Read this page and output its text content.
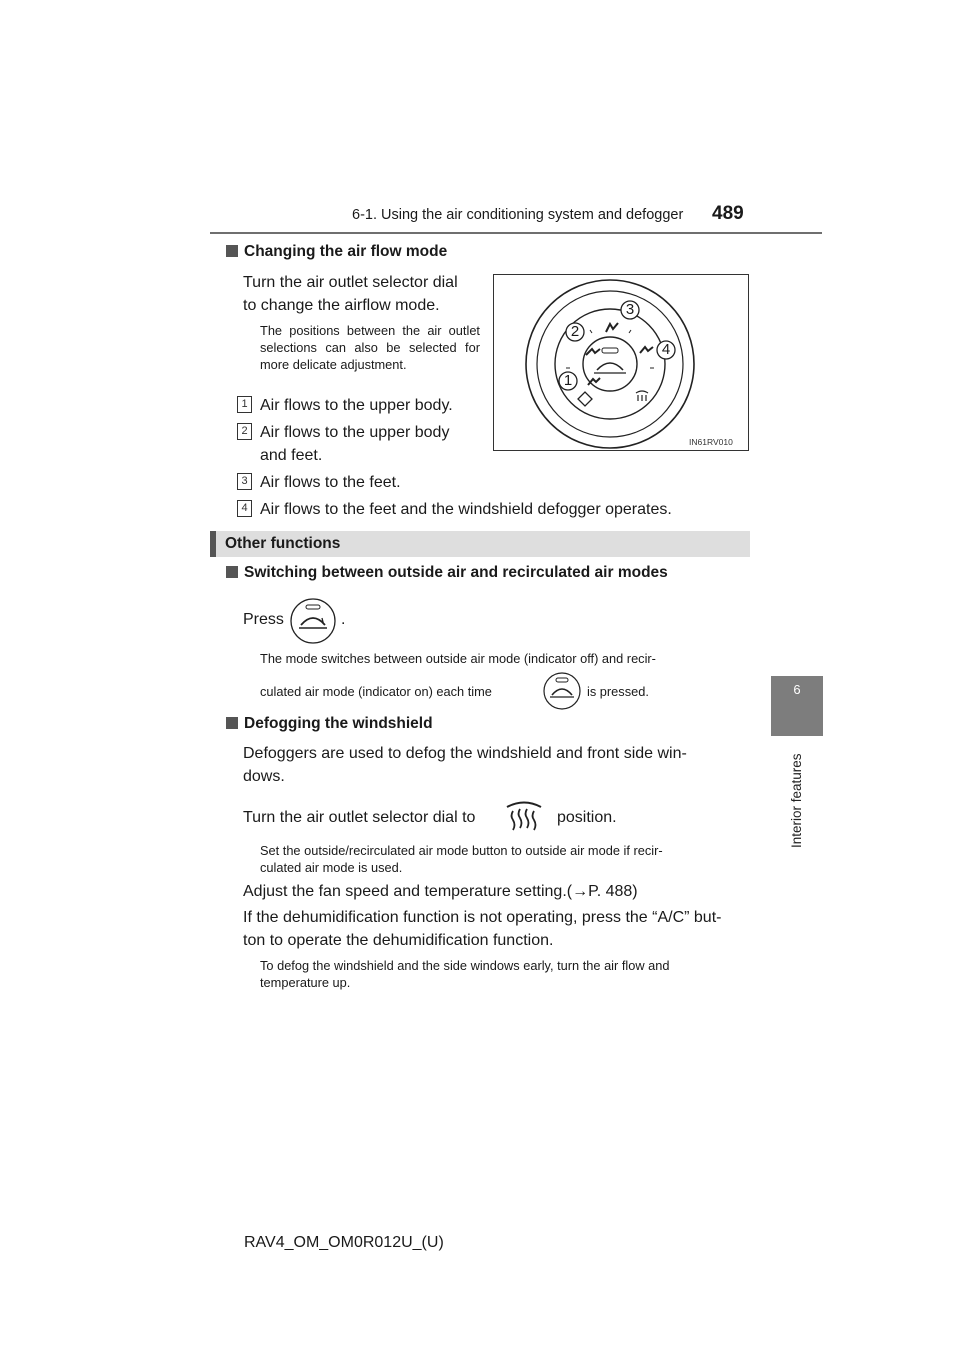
6-1. Using the air conditioning system and defogger 489
6
Interior features
Changing the air flow mode
Turn the air outlet selector dial
to change the airflow mode.
The positions between the air outlet selections can also be selected for more delicate adjustment.
1 Air flows to the upper body.
2 Air flows to the upper body
and feet.
3 Air flows to the feet.
4 Air flows to the feet and the windshield defogger operates.
1
2
3
4
IN61RV010
Other functions
Switching between outside air and recirculated air modes
Press	.
The mode switches between outside air mode (indicator off) and recir-
culated air mode (indicator on) each time	is pressed.
Defogging the windshield
Defoggers are used to defog the windshield and front side win-
dows.
Turn the air outlet selector dial to	position.
Set the outside/recirculated air mode button to outside air mode if recir-
culated air mode is used.
Adjust the fan speed and temperature setting.(→P. 488)
If the dehumidification function is not operating, press the “A/C” but-
ton to operate the dehumidification function.
To defog the windshield and the side windows early, turn the air flow and
temperature up.
RAV4_OM_OM0R012U_(U)
